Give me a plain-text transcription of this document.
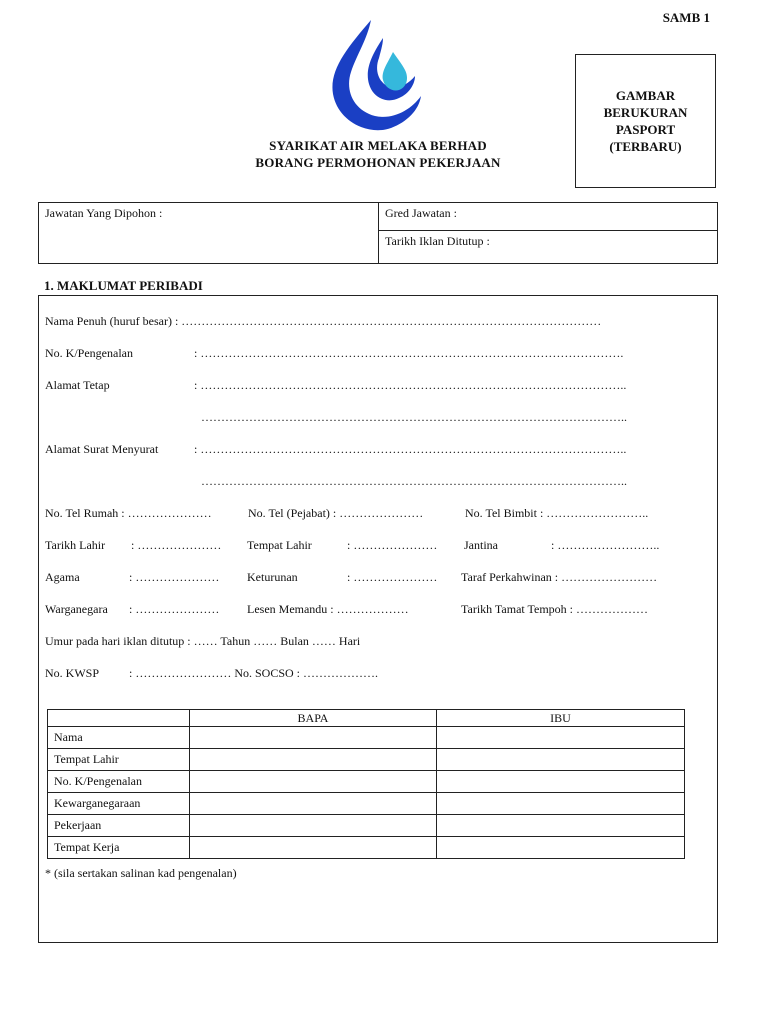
SAMB 1
SYARIKAT AIR MELAKA BERHAD
BORANG PERMOHONAN PEKERJAAN
GAMBAR
BERUKURAN
PASPORT
(TERBARU)
Jawatan Yang Dipohon :	Gred Jawatan :
Tarikh Iklan Ditutup :
1. MAKLUMAT PERIBADI
Nama Penuh (huruf besar) : ……………………………………………………………………………………………
No. K/Pengenalan	: …………………………………………………………………………………………….
Alamat Tetap	: ……………………………………………………………………………………………..
……………………………………………………………………………………………..
Alamat Surat Menyurat	: ……………………………………………………………………………………………..
……………………………………………………………………………………………..
No. Tel Rumah : …………………	No. Tel (Pejabat) : …………………	No. Tel Bimbit : ……………………..
Tarikh Lahir : ………………… Tempat Lahir	: ………………… Jantina	: ……………………..
Agama	: ………………… Keturunan	: ………………… Taraf Perkahwinan : ……………………
Warganegara : ………………… Lesen Memandu : ………………	Tarikh Tamat Tempoh : ………………
Umur pada hari iklan ditutup : …… Tahun …… Bulan …… Hari
No. KWSP : …………………… No. SOCSO : ……………….
	BAPA	IBU
Nama		
Tempat Lahir		
No. K/Pengenalan		
Kewarganegaraan		
Pekerjaan		
Tempat Kerja		
* (sila sertakan salinan kad pengenalan)
